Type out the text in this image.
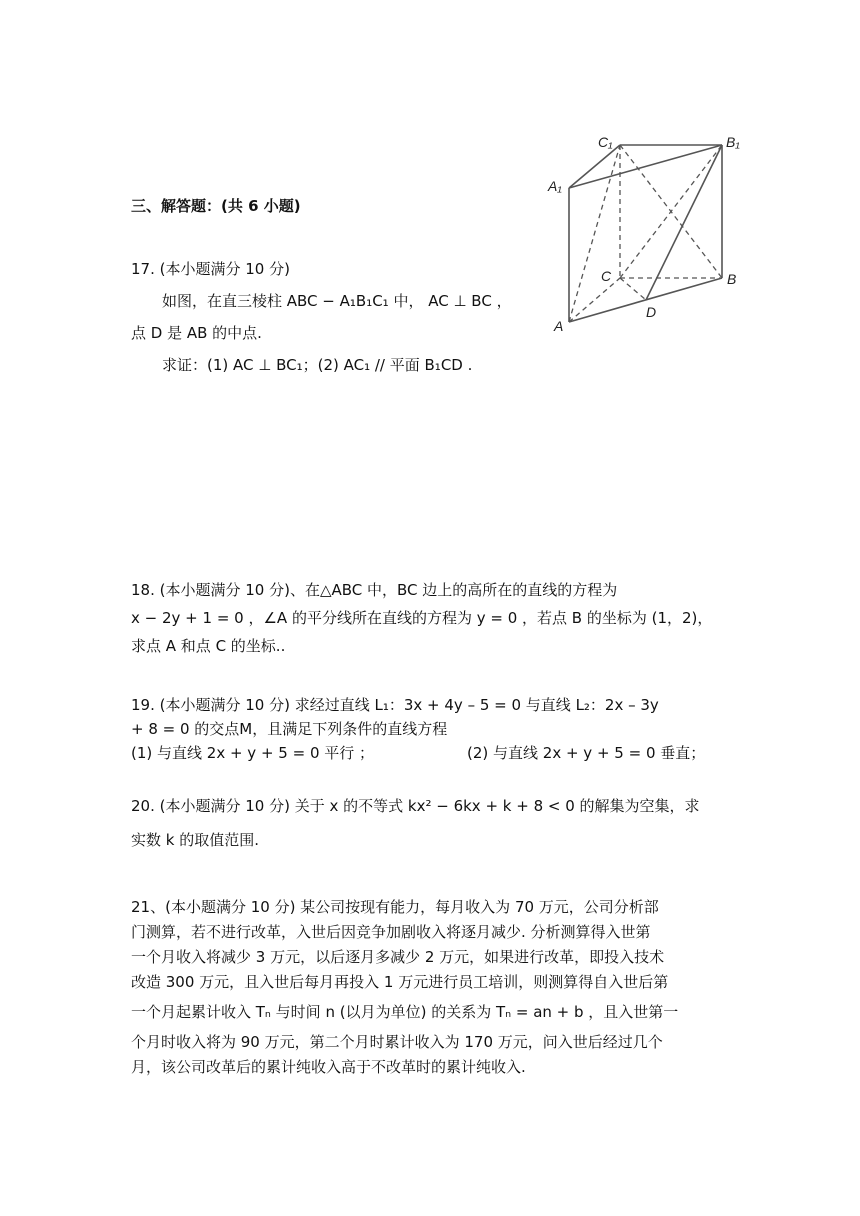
三、解答题：(共 6 小题)
17. (本小题满分 10 分)
如图，在直三棱柱 ABC − A₁B₁C₁ 中， AC ⊥ BC ，
点 D 是 AB 的中点.
求证：(1) AC ⊥ BC₁；(2) AC₁ // 平面 B₁CD .
C₁	B₁
A₁
C	B
D
A
18. (本小题满分 10 分)、在△ABC 中，BC 边上的高所在的直线的方程为
x − 2y + 1 = 0 ，∠A 的平分线所在直线的方程为 y = 0 ，若点 B 的坐标为 (1，2)，
求点 A 和点 C 的坐标..
19. (本小题满分 10 分) 求经过直线 L₁：3x + 4y – 5 = 0 与直线 L₂：2x – 3y
+ 8 = 0 的交点M，且满足下列条件的直线方程
(1) 与直线 2x + y + 5 = 0 平行 ；	(2) 与直线 2x + y + 5 = 0 垂直；
20. (本小题满分 10 分) 关于 x 的不等式 kx² − 6kx + k + 8 < 0 的解集为空集，求
实数 k 的取值范围.
21、(本小题满分 10 分) 某公司按现有能力，每月收入为 70 万元，公司分析部
门测算，若不进行改革，入世后因竞争加剧收入将逐月减少. 分析测算得入世第
一个月收入将减少 3 万元，以后逐月多减少 2 万元，如果进行改革，即投入技术
改造 300 万元，且入世后每月再投入 1 万元进行员工培训，则测算得自入世后第
一个月起累计收入 Tₙ 与时间 n (以月为单位) 的关系为 Tₙ = an + b ，且入世第一
个月时收入将为 90 万元，第二个月时累计收入为 170 万元，问入世后经过几个
月，该公司改革后的累计纯收入高于不改革时的累计纯收入.
